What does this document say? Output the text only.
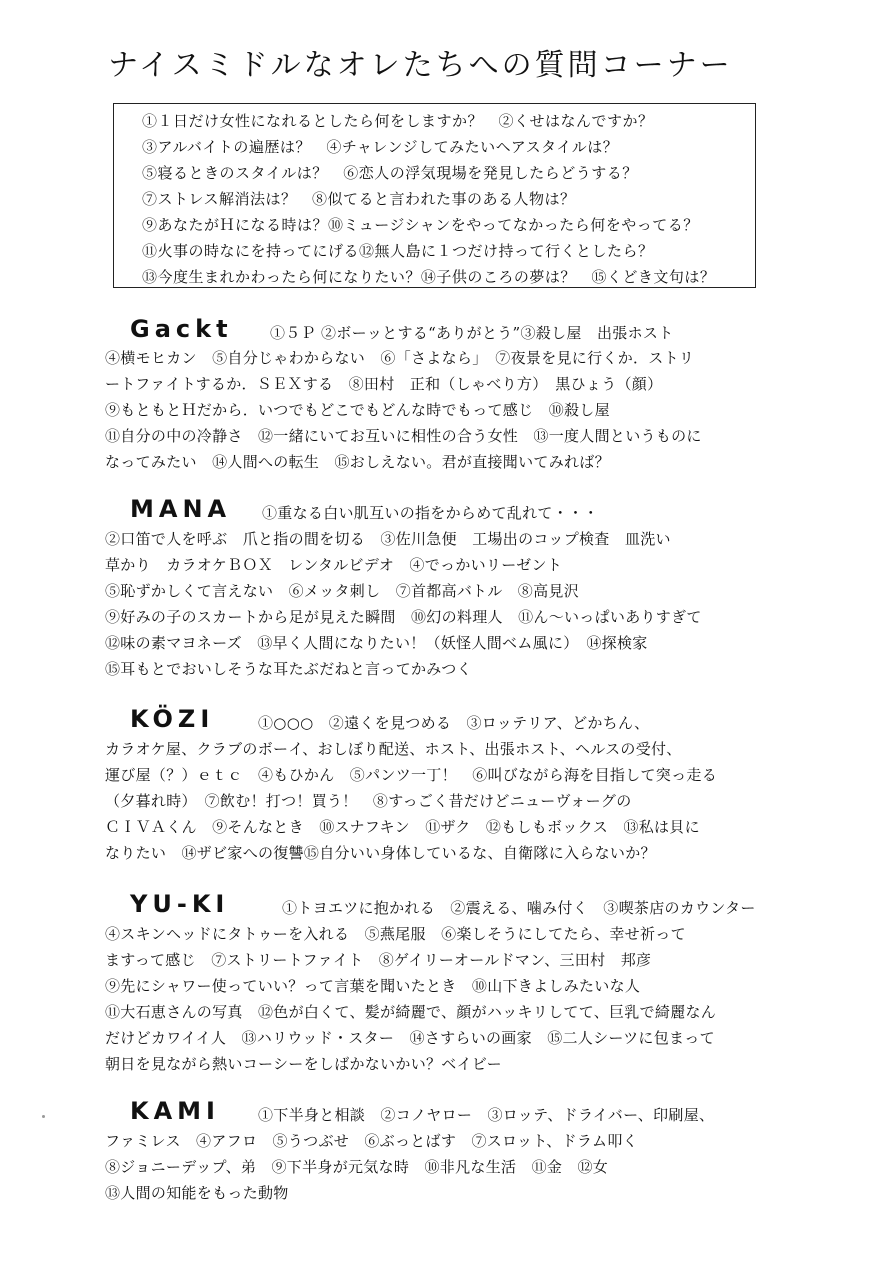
ナイスミドルなオレたちへの質問コーナー
①１日だけ女性になれるとしたら何をしますか？　②くせはなんですか？
③アルバイトの遍歴は？　④チャレンジしてみたいヘアスタイルは？
⑤寝るときのスタイルは？　⑥恋人の浮気現場を発見したらどうする？
⑦ストレス解消法は？　⑧似てると言われた事のある人物は？
⑨あなたがＨになる時は？⑩ミュージシャンをやってなかったら何をやってる？
⑪火事の時なにを持ってにげる⑫無人島に１つだけ持って行くとしたら？
⑬今度生まれかわったら何になりたい？⑭子供のころの夢は？　⑮くどき文句は？
Gackt ①５Ｐ ②ボーッとする“ありがとう”③殺し屋　出張ホスト
④横モヒカン　⑤自分じゃわからない　⑥「さよなら」　⑦夜景を見に行くか．ストリ
ートファイトするか．ＳＥＸする　⑧田村　正和（しゃべり方）　黒ひょう（顔）
⑨もともとＨだから．いつでもどこでもどんな時でもって感じ　⑩殺し屋
⑪自分の中の冷静さ　⑫一緒にいてお互いに相性の合う女性　⑬一度人間というものに
なってみたい　⑭人間への転生　⑮おしえない。君が直接聞いてみれば？
MANA ①重なる白い肌互いの指をからめて乱れて・・・
②口笛で人を呼ぶ　爪と指の間を切る　③佐川急便　工場出のコップ検査　皿洗い
草かり　カラオケＢＯＸ　レンタルビデオ　④でっかいリーゼント
⑤恥ずかしくて言えない　⑥メッタ刺し　⑦首都高バトル　⑧高見沢
⑨好みの子のスカートから足が見えた瞬間　⑩幻の料理人　⑪ん～いっぱいありすぎて
⑫味の素マヨネーズ　⑬早く人間になりたい！（妖怪人間ベム風に）　⑭探検家
⑮耳もとでおいしそうな耳たぶだねと言ってかみつく
KÖZI	①○○○　②遠くを見つめる　③ロッテリア、どかちん、
カラオケ屋、クラブのボーイ、おしぼり配送、ホスト、出張ホスト、ヘルスの受付、
運び屋（？）ｅｔｃ　④もひかん　⑤パンツ一丁！　⑥叫びながら海を目指して突っ走る
（夕暮れ時）　⑦飲む！打つ！買う！　⑧すっごく昔だけどニューヴォーグの
ＣＩＶＡくん　⑨そんなとき　⑩スナフキン　⑪ザク　⑫もしもボックス　⑬私は貝に
なりたい　⑭ザビ家への復讐⑮自分いい身体しているな、自衛隊に入らないか？
YU-KI	①トヨエツに抱かれる　②震える、噛み付く　③喫茶店のカウンター
④スキンヘッドにタトゥーを入れる　⑤燕尾服　⑥楽しそうにしてたら、幸せ祈って
ますって感じ　⑦ストリートファイト　⑧ゲイリーオールドマン、三田村　邦彦
⑨先にシャワー使っていい？って言葉を聞いたとき　⑩山下きよしみたいな人
⑪大石恵さんの写真　⑫色が白くて、髪が綺麗で、顔がハッキリしてて、巨乳で綺麗なん
だけどカワイイ人　⑬ハリウッド・スター　⑭さすらいの画家　⑮二人シーツに包まって
朝日を見ながら熱いコーシーをしばかないかい？ベイビー
KAMI	①下半身と相談　②コノヤロー　③ロッテ、ドライバー、印刷屋、
ファミレス　④アフロ　⑤うつぶせ　⑥ぶっとばす　⑦スロット、ドラム叩く
⑧ジョニーデップ、弟　⑨下半身が元気な時　⑩非凡な生活　⑪金　⑫女
⑬人間の知能をもった動物
